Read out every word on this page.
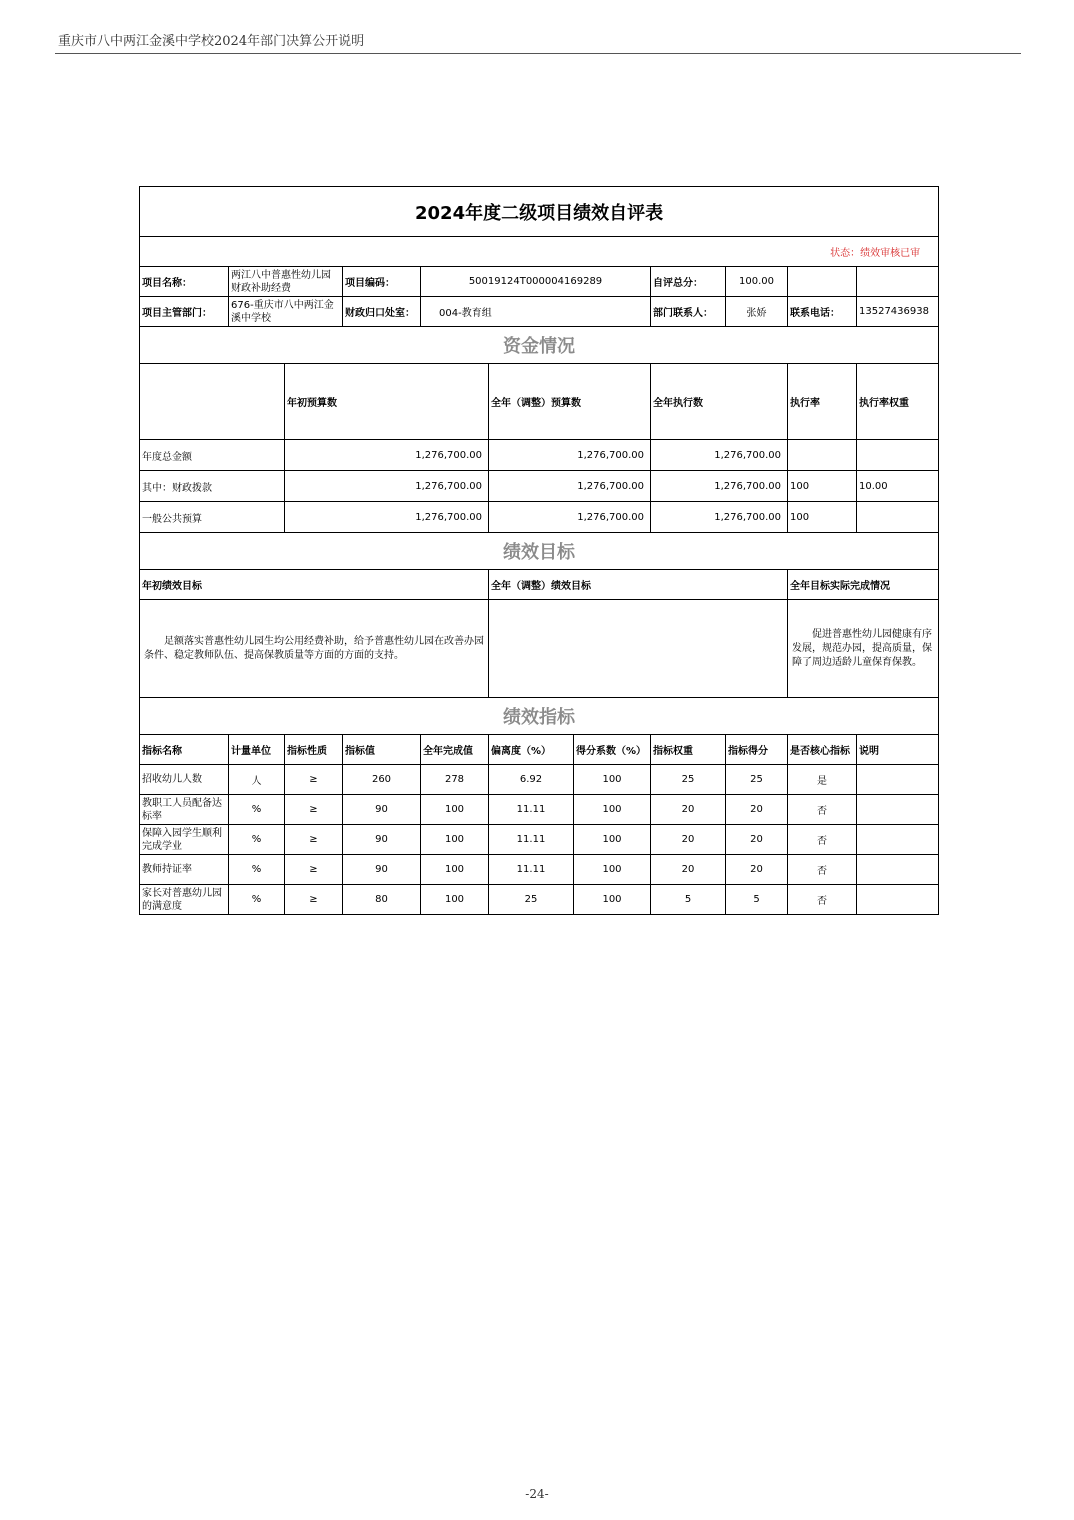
重庆市八中两江金溪中学校2024年部门决算公开说明
2024年度二级项目绩效自评表											
状态：绩效审核已审											
项目名称：	两江八中普惠性幼儿园财政补助经费		项目编码：	50019124T000004169289			自评总分：	100.00			
项目主管部门：	676-重庆市八中两江金溪中学校		财政归口处室：	004-教育组			部门联系人：	张娇	联系电话：	13527436938	
资金情况											
		年初预算数			全年（调整）预算数		全年执行数		执行率	执行率权重	
年度总金额		1,276,700.00			1,276,700.00		1,276,700.00				
其中：财政拨款		1,276,700.00			1,276,700.00		1,276,700.00		100	10.00	
一般公共预算		1,276,700.00			1,276,700.00		1,276,700.00		100		
绩效目标											
年初绩效目标					全年（调整）绩效目标				全年目标实际完成情况		
足额落实普惠性幼儿园生均公用经费补助，给予普惠性幼儿园在改善办园条件、稳定教师队伍、提高保教质量等方面的方面的支持。									促进普惠性幼儿园健康有序发展，规范办园，提高质量，保障了周边适龄儿童保育保教。		
绩效指标											
指标名称	计量单位	指标性质	指标值	全年完成值	偏离度（%）	得分系数（%）	指标权重	指标得分	是否核心指标	说明	
招收幼儿人数	人	≥	260	278	6.92	100	25	25	是		
教职工人员配备达标率	%	≥	90	100	11.11	100	20	20	否		
保障入园学生顺利完成学业	%	≥	90	100	11.11	100	20	20	否		
教师持证率	%	≥	90	100	11.11	100	20	20	否		
家长对普惠幼儿园的满意度	%	≥	80	100	25	100	5	5	否		
-24-
